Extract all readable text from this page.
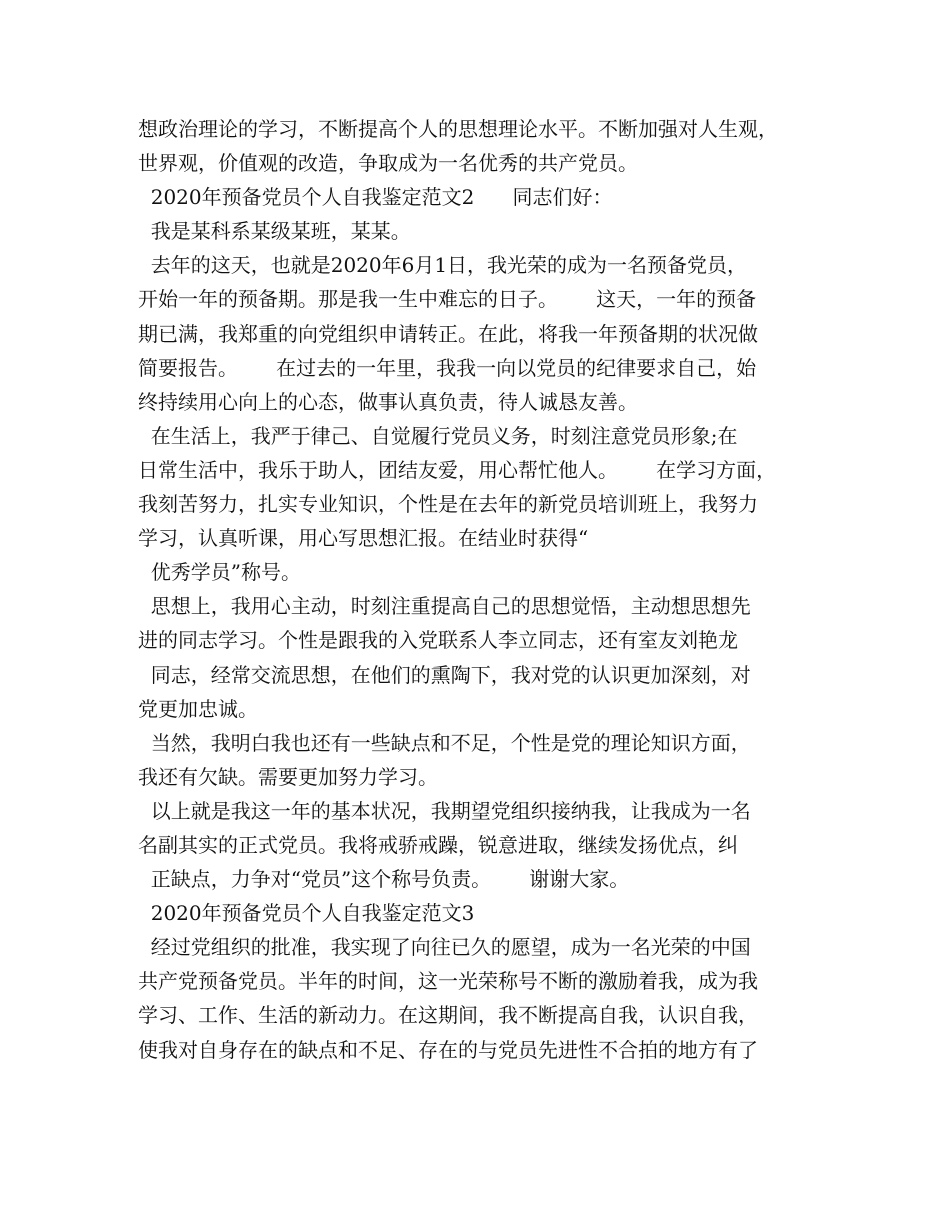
想政治理论的学习，不断提高个人的思想理论水平。不断加强对人生观，
世界观，价值观的改造，争取成为一名优秀的共产党员。
2020年预备党员个人自我鉴定范文2      同志们好：
我是某科系某级某班，某某。
去年的这天，也就是2020年6月1日，我光荣的成为一名预备党员，
开始一年的预备期。那是我一生中难忘的日子。      这天，一年的预备
期已满，我郑重的向党组织申请转正。在此，将我一年预备期的状况做
简要报告。      在过去的一年里，我我一向以党员的纪律要求自己，始
终持续用心向上的心态，做事认真负责，待人诚恳友善。
在生活上，我严于律己、自觉履行党员义务，时刻注意党员形象;在
日常生活中，我乐于助人，团结友爱，用心帮忙他人。      在学习方面，
我刻苦努力，扎实专业知识，个性是在去年的新党员培训班上，我努力
学习，认真听课，用心写思想汇报。在结业时获得“
优秀学员”称号。
思想上，我用心主动，时刻注重提高自己的思想觉悟，主动想思想先
进的同志学习。个性是跟我的入党联系人李立同志，还有室友刘艳龙
同志，经常交流思想，在他们的熏陶下，我对党的认识更加深刻，对
党更加忠诚。
当然，我明白我也还有一些缺点和不足，个性是党的理论知识方面，
我还有欠缺。需要更加努力学习。
以上就是我这一年的基本状况，我期望党组织接纳我，让我成为一名
名副其实的正式党员。我将戒骄戒躁，锐意进取，继续发扬优点，纠
正缺点，力争对“党员”这个称号负责。      谢谢大家。
2020年预备党员个人自我鉴定范文3
经过党组织的批准，我实现了向往已久的愿望，成为一名光荣的中国
共产党预备党员。半年的时间，这一光荣称号不断的激励着我，成为我
学习、工作、生活的新动力。在这期间，我不断提高自我，认识自我，
使我对自身存在的缺点和不足、存在的与党员先进性不合拍的地方有了
